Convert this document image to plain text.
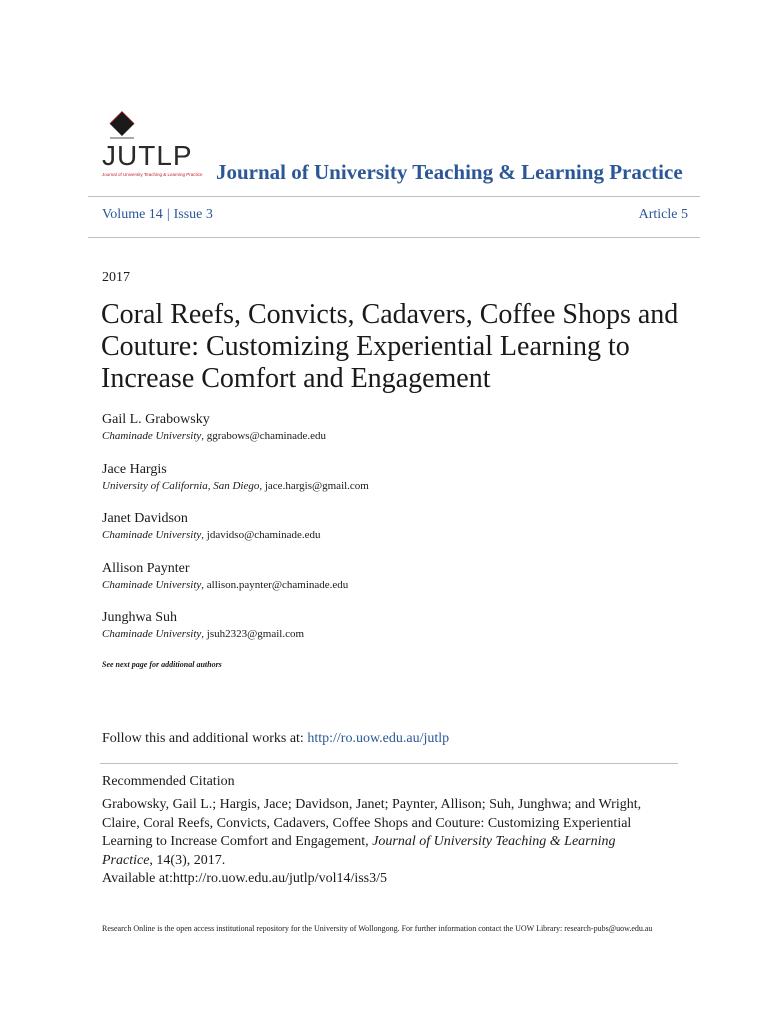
JUTLP
Journal of University Teaching & Learning Practice Journal of University Teaching & Learning Practice
Volume 14 | Issue 3	Article 5
2017
Coral Reefs, Convicts, Cadavers, Coffee Shops and Couture: Customizing Experiential Learning to Increase Comfort and Engagement
Gail L. Grabowsky
Chaminade University, ggrabows@chaminade.edu
Jace Hargis
University of California, San Diego, jace.hargis@gmail.com
Janet Davidson
Chaminade University, jdavidso@chaminade.edu
Allison Paynter
Chaminade University, allison.paynter@chaminade.edu
Junghwa Suh
Chaminade University, jsuh2323@gmail.com
See next page for additional authors
Follow this and additional works at: http://ro.uow.edu.au/jutlp
Recommended Citation
Grabowsky, Gail L.; Hargis, Jace; Davidson, Janet; Paynter, Allison; Suh, Junghwa; and Wright, Claire, Coral Reefs, Convicts, Cadavers, Coffee Shops and Couture: Customizing Experiential Learning to Increase Comfort and Engagement, Journal of University Teaching & Learning Practice, 14(3), 2017.
Available at:http://ro.uow.edu.au/jutlp/vol14/iss3/5
Research Online is the open access institutional repository for the University of Wollongong. For further information contact the UOW Library: research-pubs@uow.edu.au
